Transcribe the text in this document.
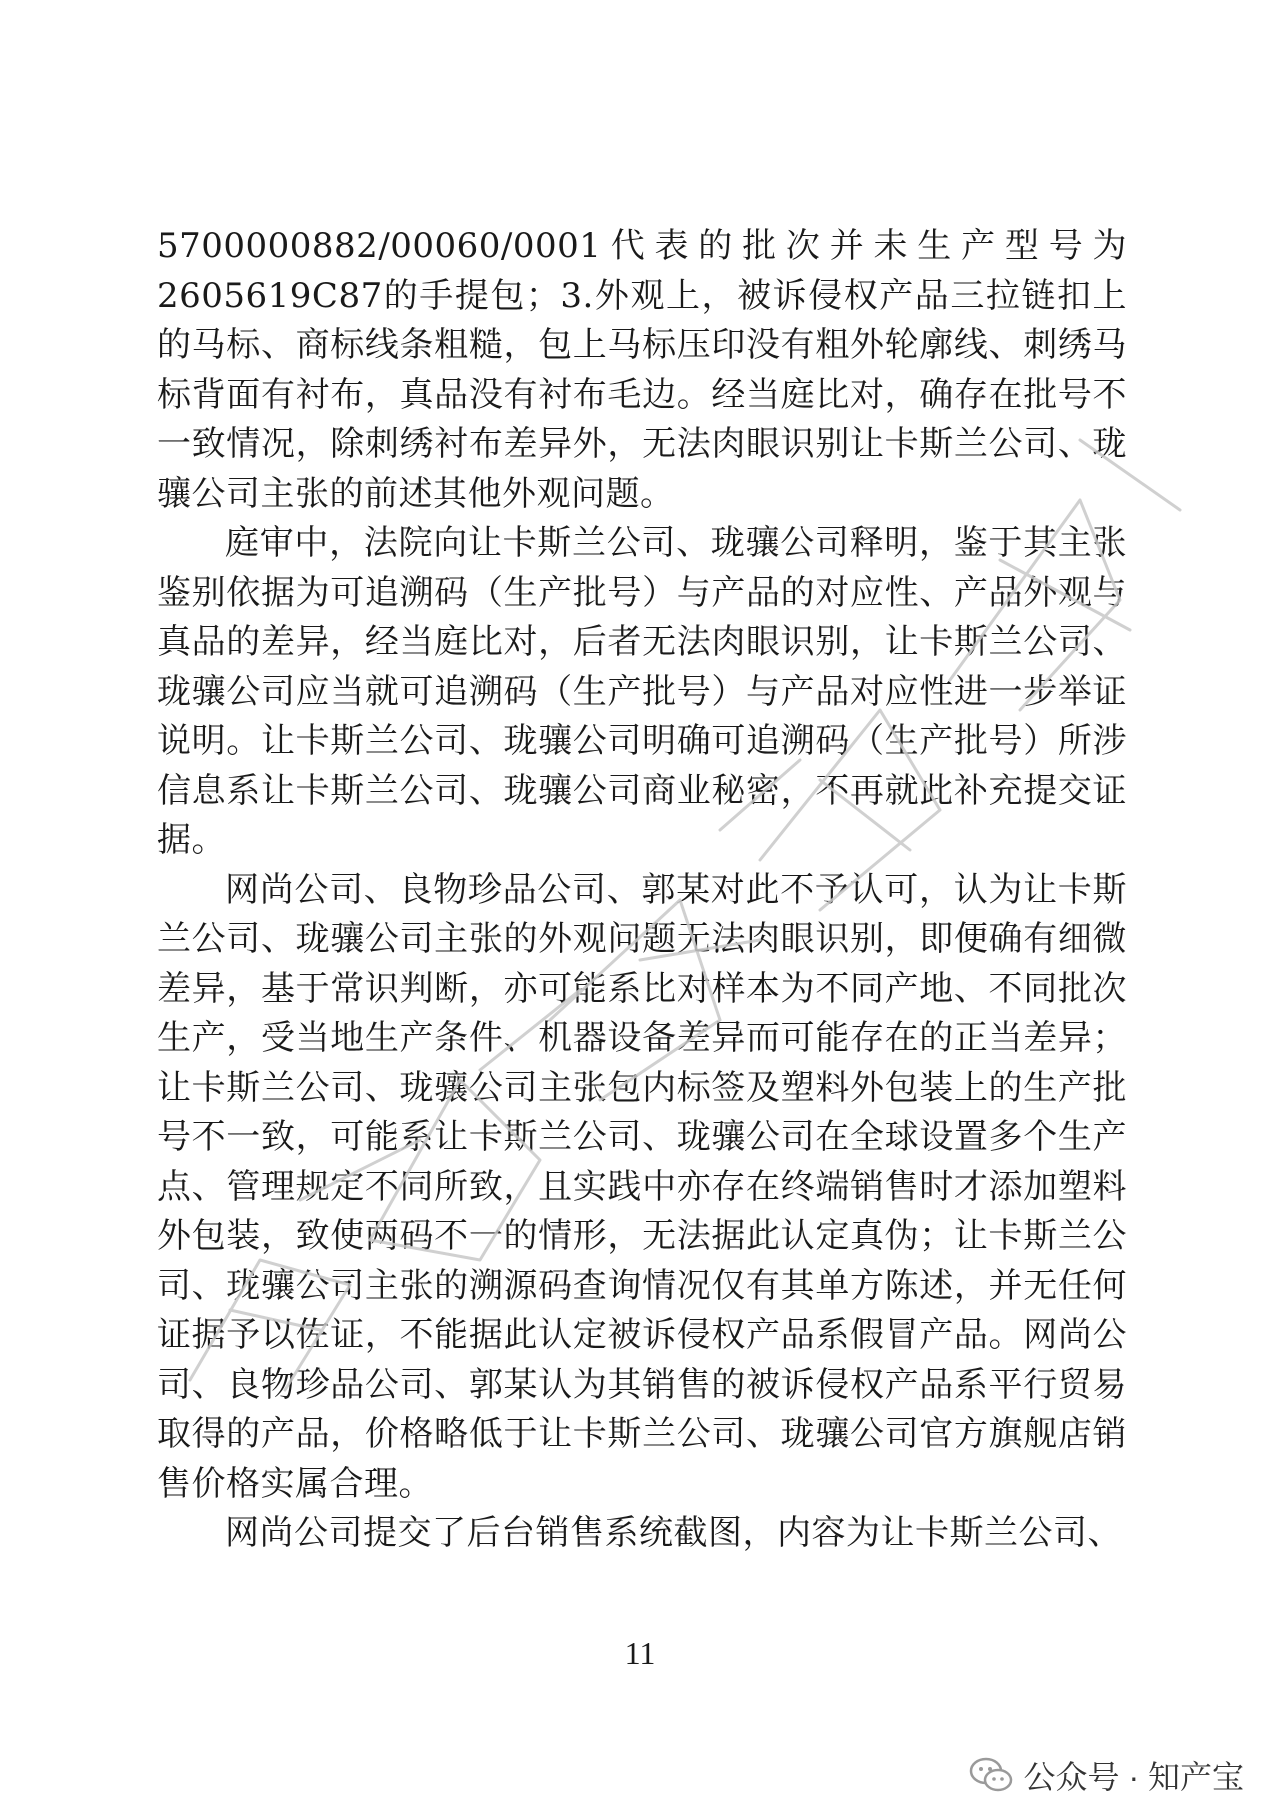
5700000882/00060/0001代表的批次并未生产型号为2605619C87的手提包；3.外观上，被诉侵权产品三拉链扣上的马标、商标线条粗糙，包上马标压印没有粗外轮廓线、刺绣马标背面有衬布，真品没有衬布毛边。经当庭比对，确存在批号不一致情况，除刺绣衬布差异外，无法肉眼识别让卡斯兰公司、珑骧公司主张的前述其他外观问题。

庭审中，法院向让卡斯兰公司、珑骧公司释明，鉴于其主张鉴别依据为可追溯码（生产批号）与产品的对应性、产品外观与真品的差异，经当庭比对，后者无法肉眼识别，让卡斯兰公司、珑骧公司应当就可追溯码（生产批号）与产品对应性进一步举证说明。让卡斯兰公司、珑骧公司明确可追溯码（生产批号）所涉信息系让卡斯兰公司、珑骧公司商业秘密，不再就此补充提交证据。

网尚公司、良物珍品公司、郭某对此不予认可，认为让卡斯兰公司、珑骧公司主张的外观问题无法肉眼识别，即便确有细微差异，基于常识判断，亦可能系比对样本为不同产地、不同批次生产，受当地生产条件、机器设备差异而可能存在的正当差异；让卡斯兰公司、珑骧公司主张包内标签及塑料外包装上的生产批号不一致，可能系让卡斯兰公司、珑骧公司在全球设置多个生产点、管理规定不同所致，且实践中亦存在终端销售时才添加塑料外包装，致使两码不一的情形，无法据此认定真伪；让卡斯兰公司、珑骧公司主张的溯源码查询情况仅有其单方陈述，并无任何证据予以佐证，不能据此认定被诉侵权产品系假冒产品。网尚公司、良物珍品公司、郭某认为其销售的被诉侵权产品系平行贸易取得的产品，价格略低于让卡斯兰公司、珑骧公司官方旗舰店销售价格实属合理。

网尚公司提交了后台销售系统截图，内容为让卡斯兰公司、

11
公众号 · 知产宝
